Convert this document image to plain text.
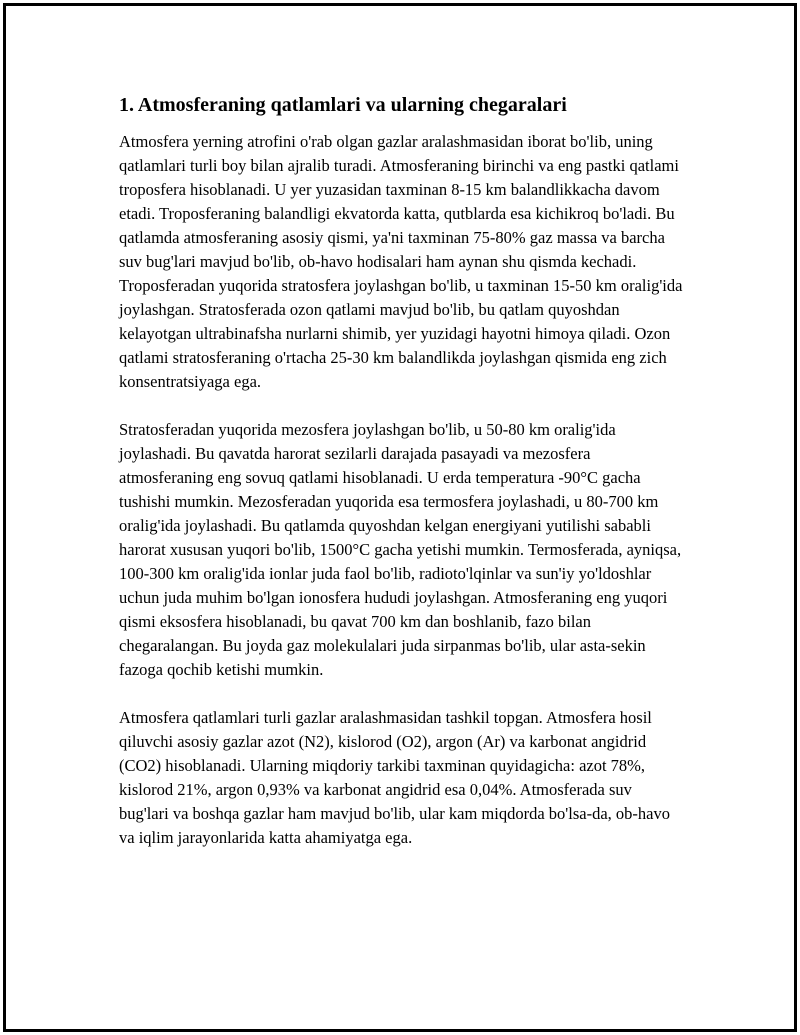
1. Atmosferaning qatlamlari va ularning chegaralari

Atmosfera yerning atrofini o'rab olgan gazlar aralashmasidan iborat bo'lib, uning qatlamlari turli boy bilan ajralib turadi. Atmosferaning birinchi va eng pastki qatlami troposfera hisoblanadi. U yer yuzasidan taxminan 8-15 km balandlikkacha davom etadi. Troposferaning balandligi ekvatorda katta, qutblarda esa kichikroq bo'ladi. Bu qatlamda atmosferaning asosiy qismi, ya'ni taxminan 75-80% gaz massa va barcha suv bug'lari mavjud bo'lib, ob-havo hodisalari ham aynan shu qismda kechadi. Troposferadan yuqorida stratosfera joylashgan bo'lib, u taxminan 15-50 km oralig'ida joylashgan. Stratosferada ozon qatlami mavjud bo'lib, bu qatlam quyoshdan kelayotgan ultrabinafsha nurlarni shimib, yer yuzidagi hayotni himoya qiladi. Ozon qatlami stratosferaning o'rtacha 25-30 km balandlikda joylashgan qismida eng zich konsentratsiyaga ega.

Stratosferadan yuqorida mezosfera joylashgan bo'lib, u 50-80 km oralig'ida joylashadi. Bu qavatda harorat sezilarli darajada pasayadi va mezosfera atmosferaning eng sovuq qatlami hisoblanadi. U erda temperatura -90°C gacha tushishi mumkin. Mezosferadan yuqorida esa termosfera joylashadi, u 80-700 km oralig'ida joylashadi. Bu qatlamda quyoshdan kelgan energiyani yutilishi sababli harorat xususan yuqori bo'lib, 1500°C gacha yetishi mumkin. Termosferada, ayniqsa, 100-300 km oralig'ida ionlar juda faol bo'lib, radioto'lqinlar va sun'iy yo'ldoshlar uchun juda muhim bo'lgan ionosfera hududi joylashgan. Atmosferaning eng yuqori qismi eksosfera hisoblanadi, bu qavat 700 km dan boshlanib, fazo bilan chegaralangan. Bu joyda gaz molekulalari juda sirpanmas bo'lib, ular asta-sekin fazoga qochib ketishi mumkin.

Atmosfera qatlamlari turli gazlar aralashmasidan tashkil topgan. Atmosfera hosil qiluvchi asosiy gazlar azot (N2), kislorod (O2), argon (Ar) va karbonat angidrid (CO2) hisoblanadi. Ularning miqdoriy tarkibi taxminan quyidagicha: azot 78%, kislorod 21%, argon 0,93% va karbonat angidrid esa 0,04%. Atmosferada suv bug'lari va boshqa gazlar ham mavjud bo'lib, ular kam miqdorda bo'lsa-da, ob-havo va iqlim jarayonlarida katta ahamiyatga ega.
